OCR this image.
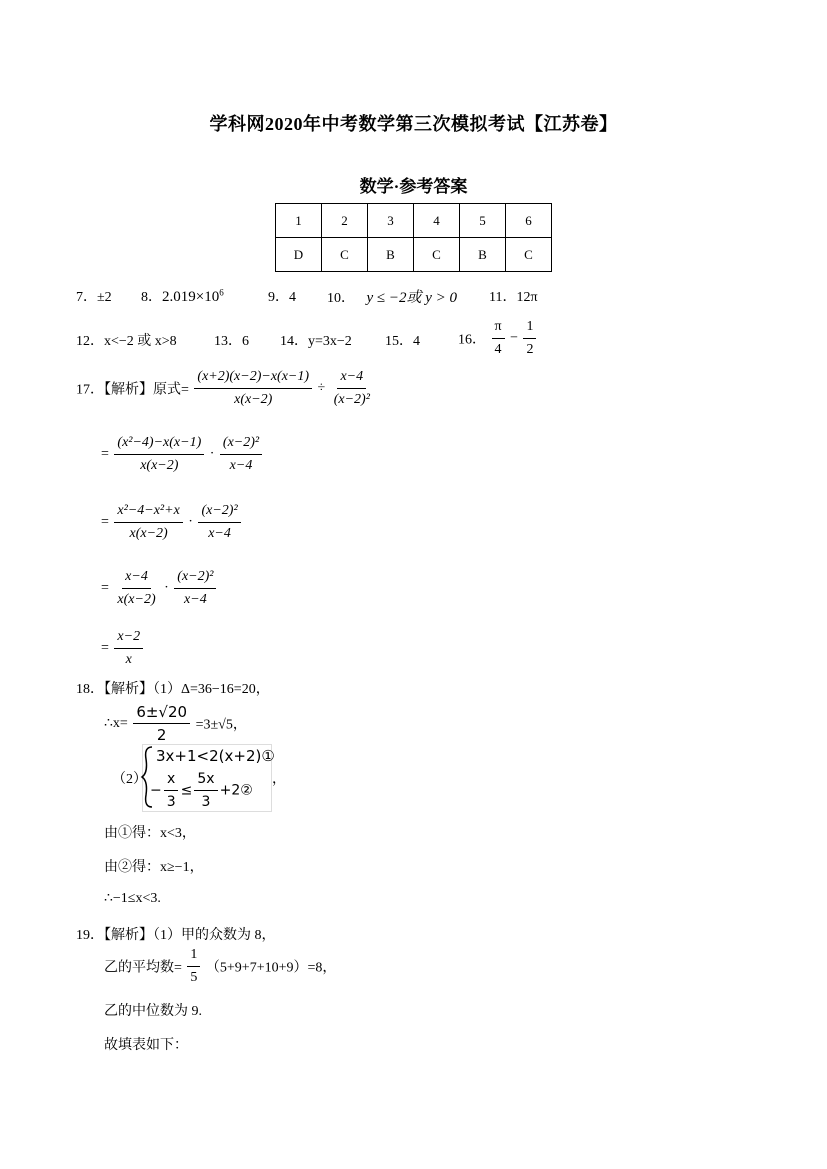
学科网2020年中考数学第三次模拟考试【江苏卷】
数学·参考答案
1	2	3	4	5	6
D	C	B	C	B	C
7．±2 8．$2.019\times 10^6$	9．4 10． y ≤ −2或 y > 0 11．12π
12．x<−2 或 x>8	13．6 14．y=3x−2 15．4	16． $\frac{\pi}{4} - \frac{1}{2}$
17．【解析】原式= $\frac{(x+2)(x-2)-x(x-1)}{x(x-2)} \div \frac{x-4}{\text{(x−2)²}}$
= $\frac{\text{(x²−4)−x(x−1)}}{x(x-2)} \cdot \frac{\text{(x−2)²}}{x-4}$
= $\frac{\text{x²−4−x²+x}}{x(x-2)} \cdot \frac{\text{(x−2)²}}{x-4}$
= $\frac{x-4}{x(x-2)} \cdot \frac{\text{(x−2)²}}{x-4}$
= $\frac{x-2}{x}$
18．【解析】（1）Δ=36−16=20，
∴x= $\frac{6\pm√20}{2} =3\pm√5$，
（2）
3x+1<2(x+2)①
− $\frac{x}{3} \le \frac{5x}{3}$ +2②
，
由①得：x<3，
由②得：x≥−1，
∴−1≤x<3.
19．【解析】（1）甲的众数为 8，
乙的平均数= $\frac{1}{5} (5+9+7+10+9)=8$，
乙的中位数为 9.
故填表如下：
